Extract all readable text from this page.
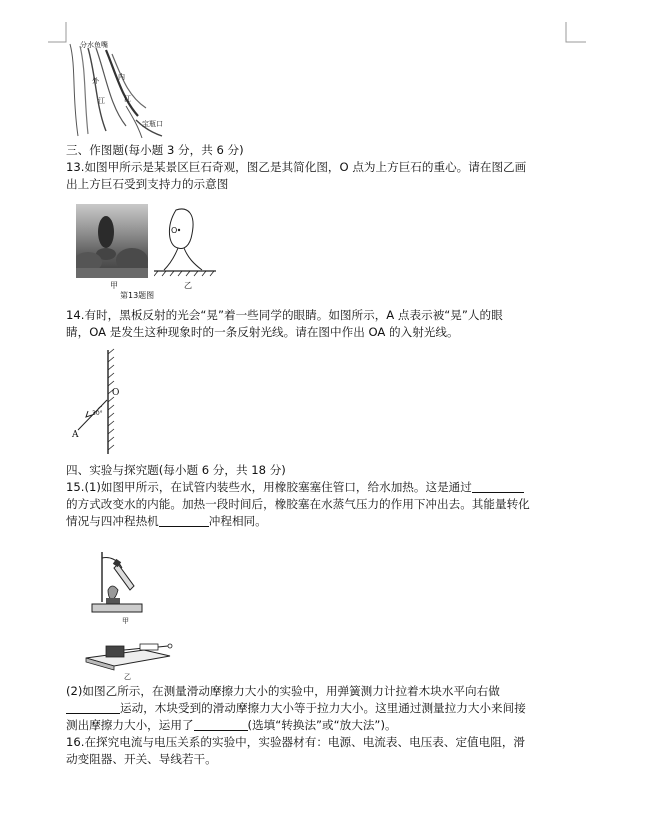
分水鱼嘴
外	内
江	江
宝瓶口
三、作图题(每小题 3 分，共 6 分)
13.如图甲所示是某景区巨石奇观，图乙是其简化图，O 点为上方巨石的重心。请在图乙画
出上方巨石受到支持力的示意图
甲
O
乙
第13题图
14.有时，黑板反射的光会“晃”着一些同学的眼睛。如图所示，A 点表示被“晃”人的眼
睛，OA 是发生这种现象时的一条反射光线。请在图中作出 OA 的入射光线。
O
A
30°
四、实验与探究题(每小题 6 分，共 18 分)
15.(1)如图甲所示，在试管内装些水，用橡胶塞塞住管口，给水加热。这是通过
的方式改变水的内能。加热一段时间后，橡胶塞在水蒸气压力的作用下冲出去。其能量转化
情况与四冲程热机	冲程相同。
甲
乙
(2)如图乙所示，在测量滑动摩擦力大小的实验中，用弹簧测力计拉着木块水平向右做
运动，木块受到的滑动摩擦力大小等于拉力大小。这里通过测量拉力大小来间接
测出摩擦力大小，运用了	(选填“转换法”或“放大法”)。
16.在探究电流与电压关系的实验中，实验器材有：电源、电流表、电压表、定值电阻，滑
动变阻器、开关、导线若干。
